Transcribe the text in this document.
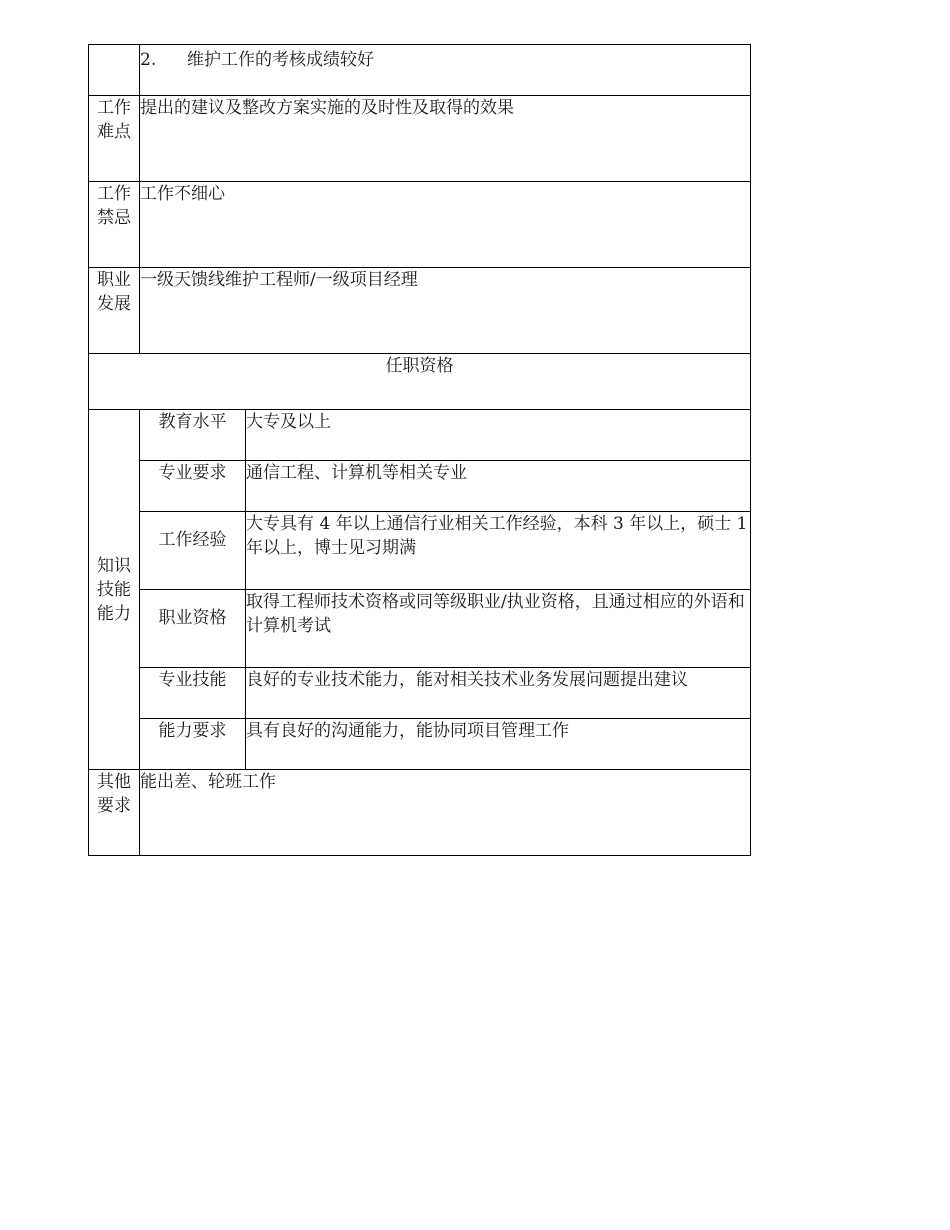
	2. 维护工作的考核成绩较好	
工作难点	提出的建议及整改方案实施的及时性及取得的效果	
工作禁忌	工作不细心	
职业发展	一级天馈线维护工程师/一级项目经理	
任职资格		
知识技能能力	教育水平	大专及以上
	专业要求	通信工程、计算机等相关专业
	工作经验	大专具有 4 年以上通信行业相关工作经验，本科 3 年以上，硕士 1 年以上，博士见习期满
	职业资格	取得工程师技术资格或同等级职业/执业资格，且通过相应的外语和计算机考试
	专业技能	良好的专业技术能力，能对相关技术业务发展问题提出建议
	能力要求	具有良好的沟通能力，能协同项目管理工作
其他要求	能出差、轮班工作	
